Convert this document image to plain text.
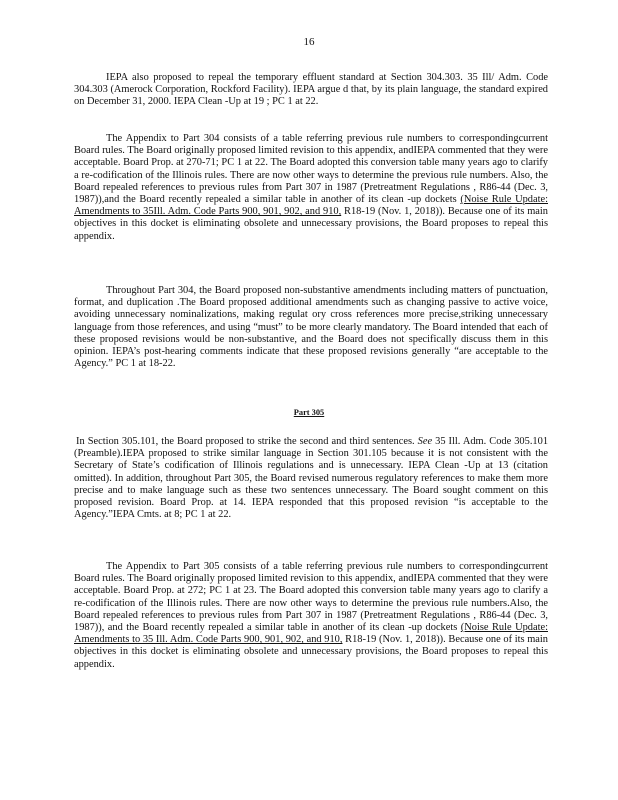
16

IEPA also proposed to repeal the temporary effluent standard at Section 304.303. 35 Ill/ Adm. Code 304.303 (Amerock Corporation, Rockford Facility). IEPA argue d that, by its plain language, the standard expired on December 31, 2000. IEPA Clean -Up at 19 ; PC 1 at 22.

The Appendix to Part 304 consists of a table referring previous rule numbers to correspondingcurrent Board rules. The Board originally proposed limited revision to this appendix, andIEPA commented that they were acceptable. Board Prop. at 270-71; PC 1 at 22. The Board adopted this conversion table many years ago to clarify a re-codification of the Illinois rules. There are now other ways to determine the previous rule numbers. Also, the Board repealed references to previous rules from Part 307 in 1987 (Pretreatment Regulations , R86-44 (Dec. 3, 1987)),and the Board recently repealed a similar table in another of its clean -up dockets (Noise Rule Update: Amendments to 35Ill. Adm. Code Parts 900, 901, 902, and 910, R18-19 (Nov. 1, 2018)). Because one of its main objectives in this docket is eliminating obsolete and unnecessary provisions, the Board proposes to repeal this appendix.

Throughout Part 304, the Board proposed non-substantive amendments including matters of punctuation, format, and duplication .The Board proposed additional amendments such as changing passive to active voice, avoiding unnecessary nominalizations, making regulat ory cross references more precise,striking unnecessary language from those references, and using “must” to be more clearly mandatory. The Board intended that each of these proposed revisions would be non-substantive, and the Board does not specifically discuss them in this opinion. IEPA’s post-hearing comments indicate that these proposed revisions generally “are acceptable to the Agency.” PC 1 at 18-22.

Part 305

In Section 305.101, the Board proposed to strike the second and third sentences. See 35 Ill. Adm. Code 305.101 (Preamble).IEPA proposed to strike similar language in Section 301.105 because it is not consistent with the Secretary of State’s codification of Illinois regulations and is unnecessary. IEPA Clean -Up at 13 (citation omitted). In addition, throughout Part 305, the Board revised numerous regulatory references to make them more precise and to make language such as these two sentences unnecessary. The Board sought comment on this proposed revision. Board Prop. at 14. IEPA responded that this proposed revision “is acceptable to the Agency.”IEPA Cmts. at 8; PC 1 at 22.

The Appendix to Part 305 consists of a table referring previous rule numbers to correspondingcurrent Board rules. The Board originally proposed limited revision to this appendix, andIEPA commented that they were acceptable. Board Prop. at 272; PC 1 at 23. The Board adopted this conversion table many years ago to clarify a re-codification of the Illinois rules. There are now other ways to determine the previous rule numbers.Also, the Board repealed references to previous rules from Part 307 in 1987 (Pretreatment Regulations , R86-44 (Dec. 3, 1987)), and the Board recently repealed a similar table in another of its clean -up dockets (Noise Rule Update: Amendments to 35 Ill. Adm. Code Parts 900, 901, 902, and 910, R18-19 (Nov. 1, 2018)). Because one of its main objectives in this docket is eliminating obsolete and unnecessary provisions, the Board proposes to repeal this appendix.
